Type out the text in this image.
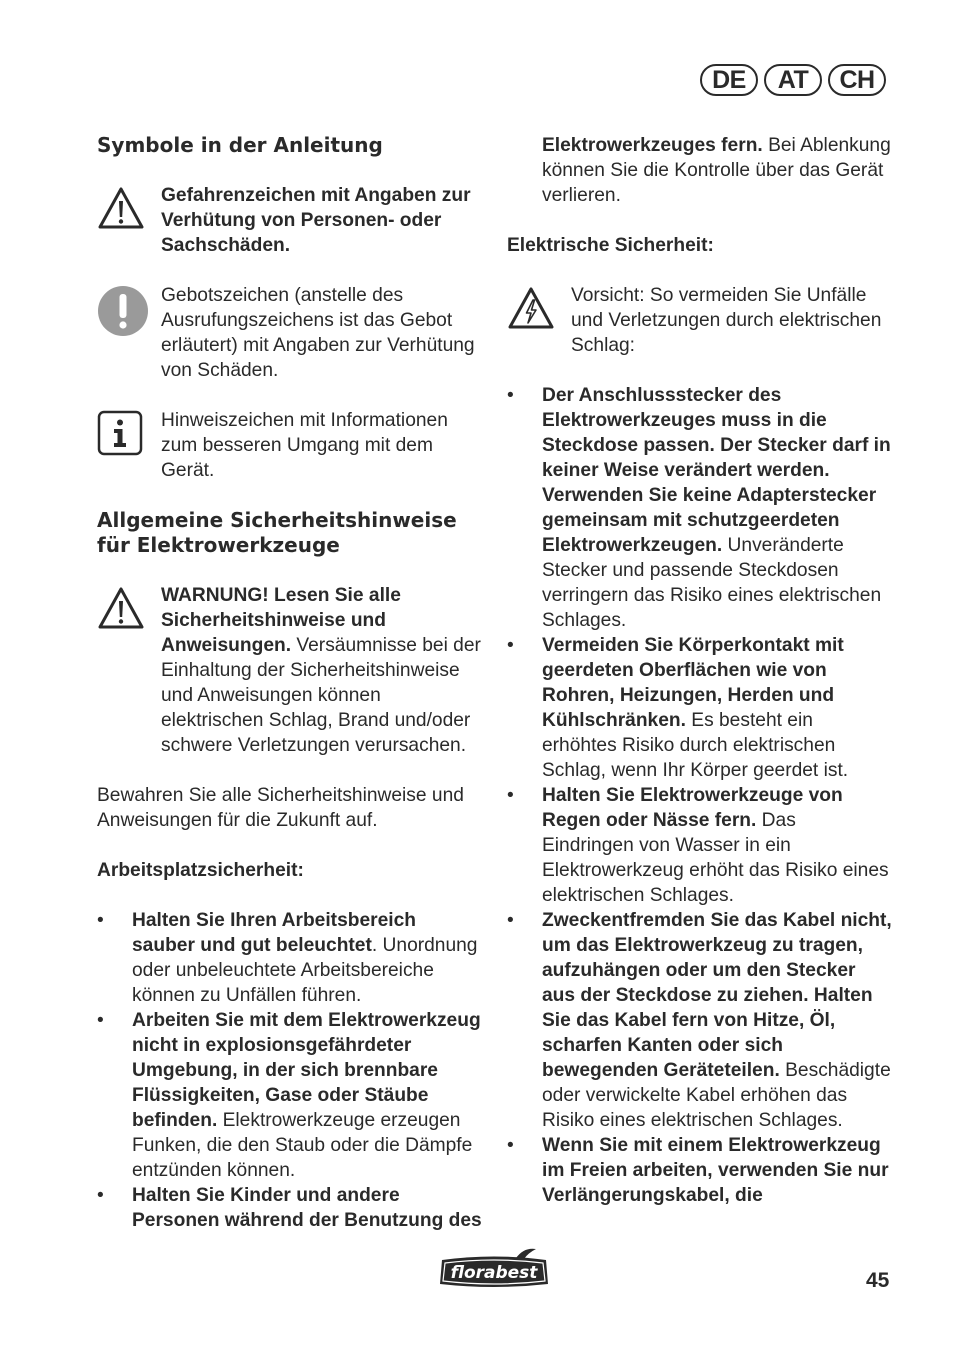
DE	AT	CH
Symbole in der Anleitung
Gefahrenzeichen mit Angaben zur Verhütung von Personen- oder Sachschäden.
Gebotszeichen (anstelle des Ausrufungszeichens ist das Gebot erläutert) mit Angaben zur Verhütung von Schäden.
Hinweiszeichen mit Informationen zum besseren Umgang mit dem Gerät.
Allgemeine Sicherheitshinweise für Elektrowerkzeuge
WARNUNG! Lesen Sie alle Sicherheitshinweise und Anweisungen. Versäumnisse bei der Einhaltung der Sicherheitshinweise und Anweisungen können elektrischen Schlag, Brand und/oder schwere Verletzungen verursachen.

Bewahren Sie alle Sicherheitshinweise und Anweisungen für die Zukunft auf.

Arbeitsplatzsicherheit:

• Halten Sie Ihren Arbeitsbereich sauber und gut beleuchtet. Unordnung oder unbeleuchtete Arbeitsbereiche können zu Unfällen führen.
• Arbeiten Sie mit dem Elektrowerkzeug nicht in explosionsgefährdeter Umgebung, in der sich brennbare Flüssigkeiten, Gase oder Stäube befinden. Elektrowerkzeuge erzeugen Funken, die den Staub oder die Dämpfe entzünden können.
• Halten Sie Kinder und andere Personen während der Benutzung des

Elektrowerkzeuges fern. Bei Ablenkung können Sie die Kontrolle über das Gerät verlieren.

Elektrische Sicherheit:

Vorsicht: So vermeiden Sie Unfälle und Verletzungen durch elektrischen Schlag:
• Der Anschlussstecker des Elektrowerkzeuges muss in die Steckdose passen. Der Stecker darf in keiner Weise verändert werden. Verwenden Sie keine Adapterstecker gemeinsam mit schutzgeerdeten Elektrowerkzeugen. Unveränderte Stecker und passende Steckdosen verringern das Risiko eines elektrischen Schlages.
• Vermeiden Sie Körperkontakt mit geerdeten Oberflächen wie von Rohren, Heizungen, Herden und Kühlschränken. Es besteht ein erhöhtes Risiko durch elektrischen Schlag, wenn Ihr Körper geerdet ist.
• Halten Sie Elektrowerkzeuge von Regen oder Nässe fern. Das Eindringen von Wasser in ein Elektrowerkzeug erhöht das Risiko eines elektrischen Schlages.
• Zweckentfremden Sie das Kabel nicht, um das Elektrowerkzeug zu tragen, aufzuhängen oder um den Stecker aus der Steckdose zu ziehen. Halten Sie das Kabel fern von Hitze, Öl, scharfen Kanten oder sich bewegenden Geräteteilen. Beschädigte oder verwickelte Kabel erhöhen das Risiko eines elektrischen Schlages.
• Wenn Sie mit einem Elektrowerkzeug im Freien arbeiten, verwenden Sie nur Verlängerungskabel, die
florabest	45
